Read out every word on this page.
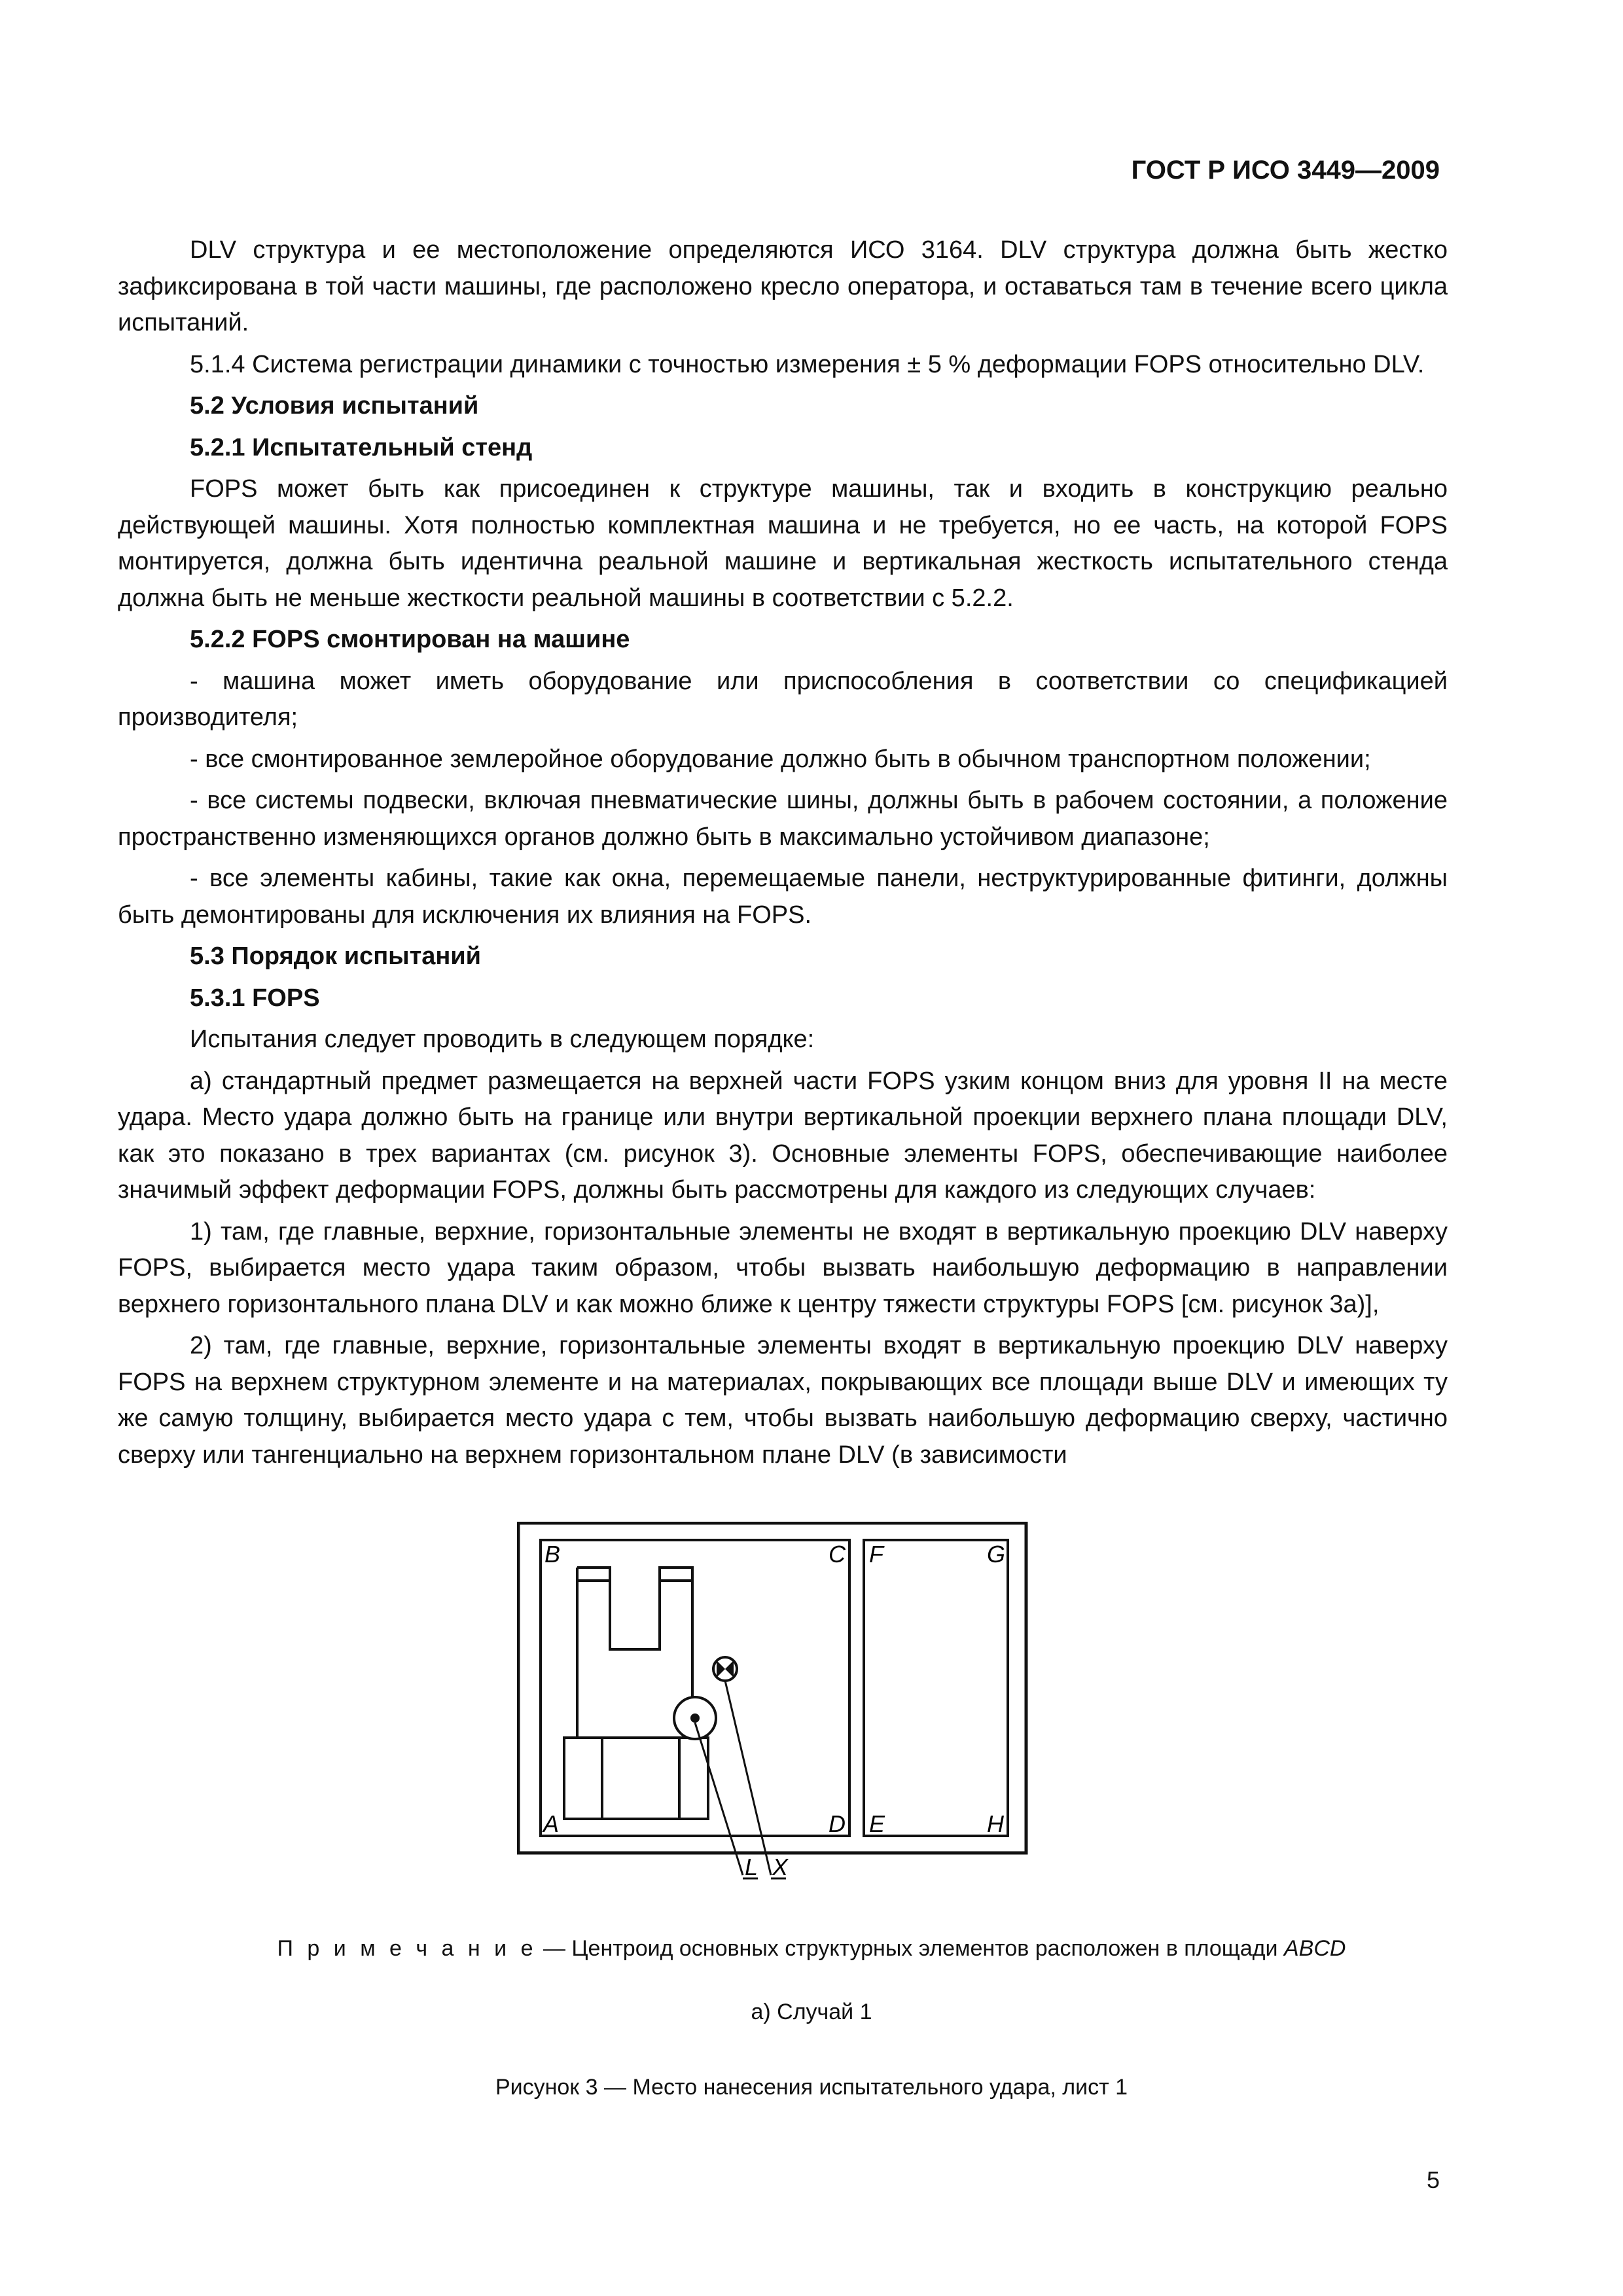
ГОСТ Р ИСО 3449—2009

DLV структура и ее местоположение определяются ИСО 3164. DLV структура должна быть жестко зафиксирована в той части машины, где расположено кресло оператора, и оставаться там в течение всего цикла испытаний.

5.1.4 Система регистрации динамики с точностью измерения ± 5 % деформации FOPS относительно DLV.

5.2 Условия испытаний

5.2.1 Испытательный стенд

FOPS может быть как присоединен к структуре машины, так и входить в конструкцию реально действующей машины. Хотя полностью комплектная машина и не требуется, но ее часть, на которой FOPS монтируется, должна быть идентична реальной машине и вертикальная жесткость испытательного стенда должна быть не меньше жесткости реальной машины в соответствии с 5.2.2.

5.2.2 FOPS смонтирован на машине

- машина может иметь оборудование или приспособления в соответствии со спецификацией производителя;

- все смонтированное землеройное оборудование должно быть в обычном транспортном положении;

- все системы подвески, включая пневматические шины, должны быть в рабочем состоянии, а положение пространственно изменяющихся органов должно быть в максимально устойчивом диапазоне;

- все элементы кабины, такие как окна, перемещаемые панели, неструктурированные фитинги, должны быть демонтированы для исключения их влияния на FOPS.

5.3 Порядок испытаний

5.3.1 FOPS

Испытания следует проводить в следующем порядке:

а) стандартный предмет размещается на верхней части FOPS узким концом вниз для уровня II на месте удара. Место удара должно быть на границе или внутри вертикальной проекции верхнего плана площади DLV, как это показано в трех вариантах (см. рисунок 3). Основные элементы FOPS, обеспечивающие наиболее значимый эффект деформации FOPS, должны быть рассмотрены для каждого из следующих случаев:

1) там, где главные, верхние, горизонтальные элементы не входят в вертикальную проекцию DLV наверху FOPS, выбирается место удара таким образом, чтобы вызвать наибольшую деформацию в направлении верхнего горизонтального плана DLV и как можно ближе к центру тяжести структуры FOPS [см. рисунок 3а)],

2) там, где главные, верхние, горизонтальные элементы входят в вертикальную проекцию DLV наверху FOPS на верхнем структурном элементе и на материалах, покрывающих все площади выше DLV и имеющих ту же самую толщину, выбирается место удара с тем, чтобы вызвать наибольшую деформацию сверху, частично сверху или тангенциально на верхнем горизонтальном плане DLV (в зависимости

B	C F	G
A	D E	H
L X
П р и м е ч а н и е — Центроид основных структурных элементов расположен в площади ABCD
а) Случай 1
Рисунок 3 — Место нанесения испытательного удара, лист 1
5
